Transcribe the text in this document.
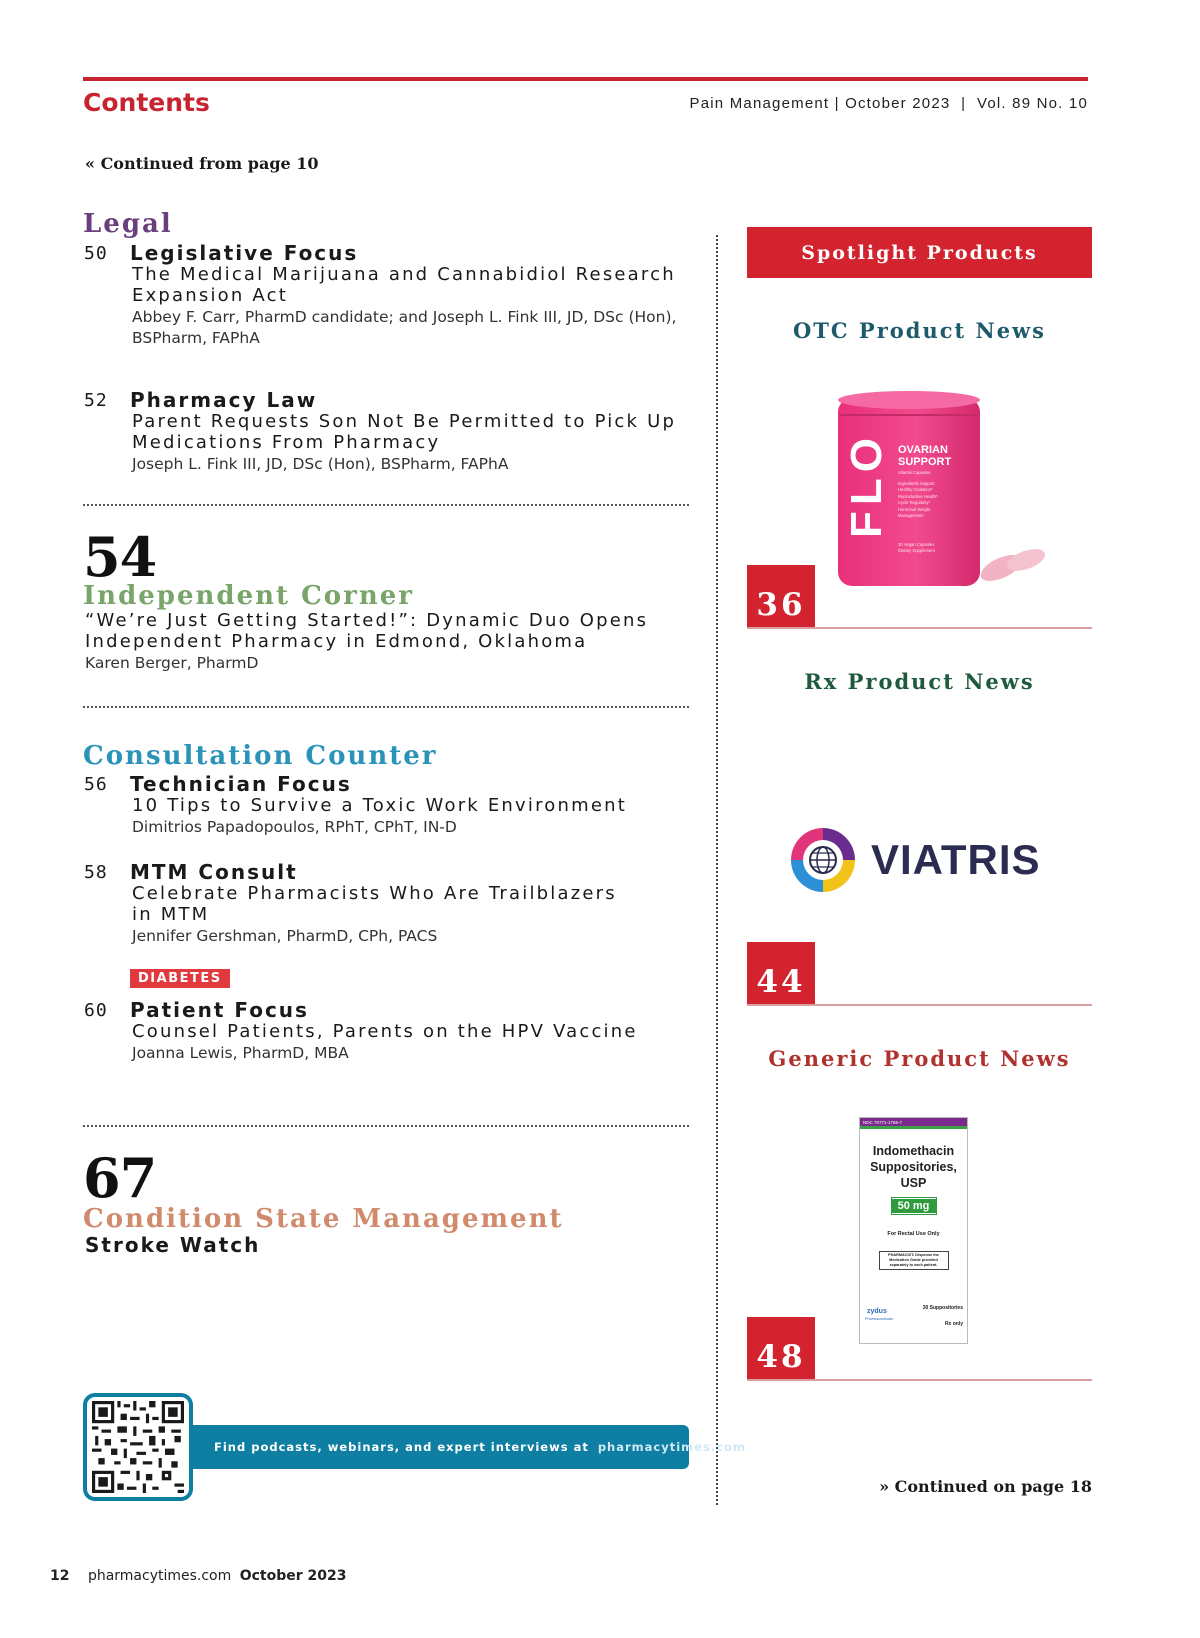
Contents	Pain Management | October 2023  |  Vol. 89 No. 10
« Continued from page 10
Legal
50 Legislative Focus
The Medical Marijuana and Cannabidiol Research
Expansion Act
Abbey F. Carr, PharmD candidate; and Joseph L. Fink III, JD, DSc (Hon),
BSPharm, FAPhA
52 Pharmacy Law
Parent Requests Son Not Be Permitted to Pick Up
Medications From Pharmacy
Joseph L. Fink III, JD, DSc (Hon), BSPharm, FAPhA
54
Independent Corner
“We’re Just Getting Started!”: Dynamic Duo Opens
Independent Pharmacy in Edmond, Oklahoma
Karen Berger, PharmD
Consultation Counter
56 Technician Focus
10 Tips to Survive a Toxic Work Environment
Dimitrios Papadopoulos, RPhT, CPhT, IN-D
58 MTM Consult
Celebrate Pharmacists Who Are Trailblazers
in MTM
Jennifer Gershman, PharmD, CPh, PACS
DIABETES
60 Patient Focus
Counsel Patients, Parents on the HPV Vaccine
Joanna Lewis, PharmD, MBA
67
Condition State Management
Stroke Watch
Find podcasts, webinars, and expert interviews at pharmacytimes.com
Spotlight Products
OTC Product News
FLO OVARIAN
SUPPORT
Vitamin Capsules
Ingredients Support
Healthy Ovulation*
Reproductive Health*
Cycle Regularity*
Hormonal Weight
Management*
30 Vegan Capsules
Dietary Supplement
36
Rx Product News
VIATRIS
44
Generic Product News
NDC 70771-1766-7
Indomethacin
Suppositories,
USP
50 mg
For Rectal Use Only
PHARMACIST: Dispense the
Medication Guide provided
separately to each patient.
zydus
Pharmaceuticals
30 Suppositories
Rx only
48
» Continued on page 18
12 pharmacytimes.com October 2023
